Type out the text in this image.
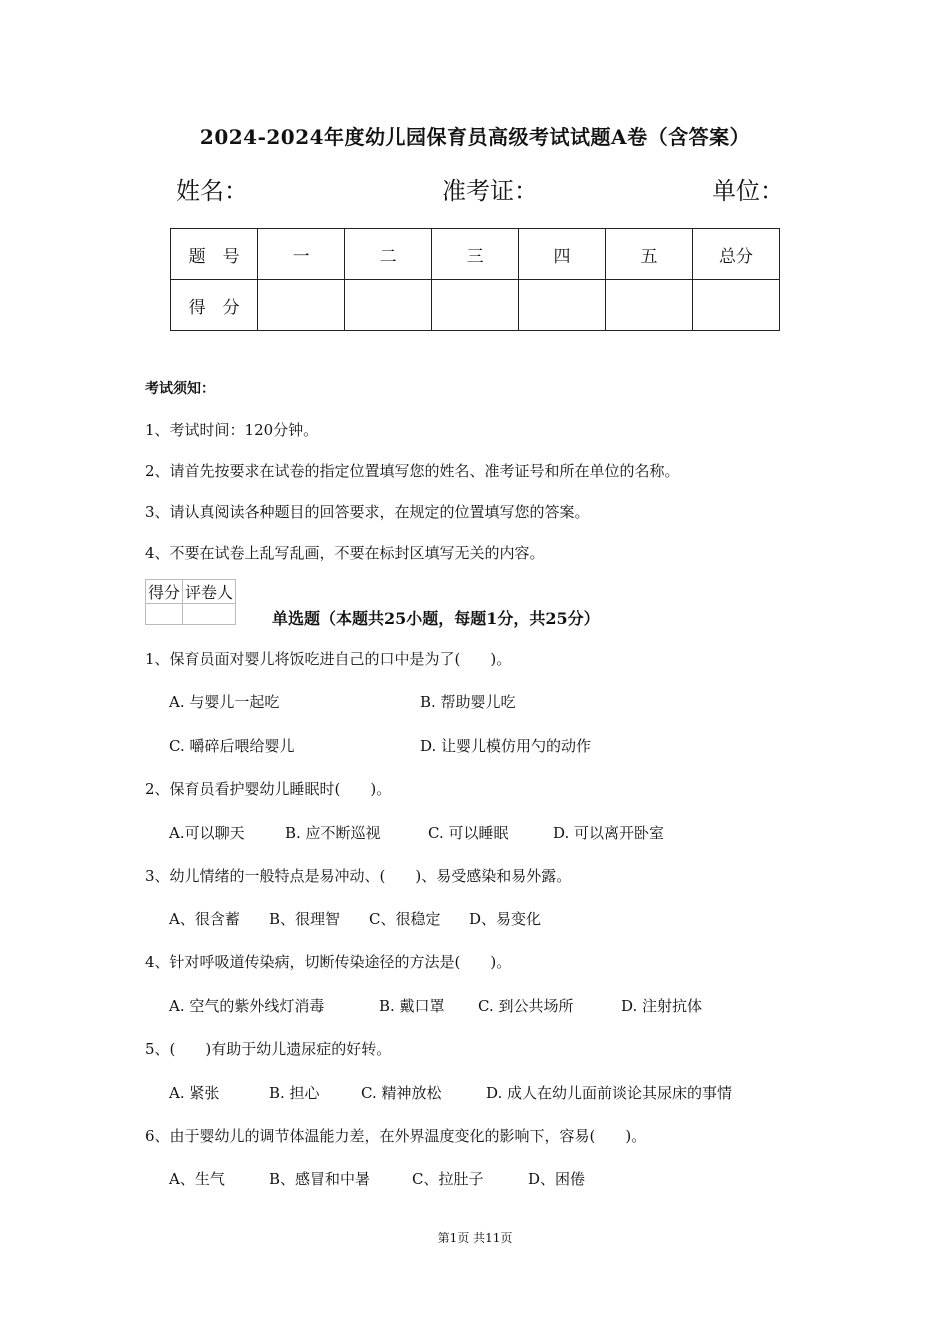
2024-2024年度幼儿园保育员高级考试试题A卷（含答案）
姓名：	准考证：	单位：
题　号	一	二	三	四	五	总分
得　分						
考试须知：
1、考试时间：120分钟。
2、请首先按要求在试卷的指定位置填写您的姓名、准考证号和所在单位的名称。
3、请认真阅读各种题目的回答要求，在规定的位置填写您的答案。
4、不要在试卷上乱写乱画，不要在标封区填写无关的内容。
得分	评卷人

单选题（本题共25小题，每题1分，共25分）
1、保育员面对婴儿将饭吃进自己的口中是为了(　　)。
A. 与婴儿一起吃	B. 帮助婴儿吃
C. 嚼碎后喂给婴儿	D. 让婴儿模仿用勺的动作
2、保育员看护婴幼儿睡眠时(　　)。
A.可以聊天	B. 应不断巡视	C. 可以睡眠	D. 可以离开卧室
3、幼儿情绪的一般特点是易冲动、(　　)、易受感染和易外露。
A、很含蓄 B、很理智 C、很稳定 D、易变化
4、针对呼吸道传染病，切断传染途径的方法是(　　)。
A. 空气的紫外线灯消毒	B. 戴口罩 C. 到公共场所	D. 注射抗体
5、(　　)有助于幼儿遗尿症的好转。
A. 紧张	B. 担心	C. 精神放松	D. 成人在幼儿面前谈论其尿床的事情
6、由于婴幼儿的调节体温能力差，在外界温度变化的影响下，容易(　　)。
A、生气	B、感冒和中暑	C、拉肚子	D、困倦
第1页 共11页
